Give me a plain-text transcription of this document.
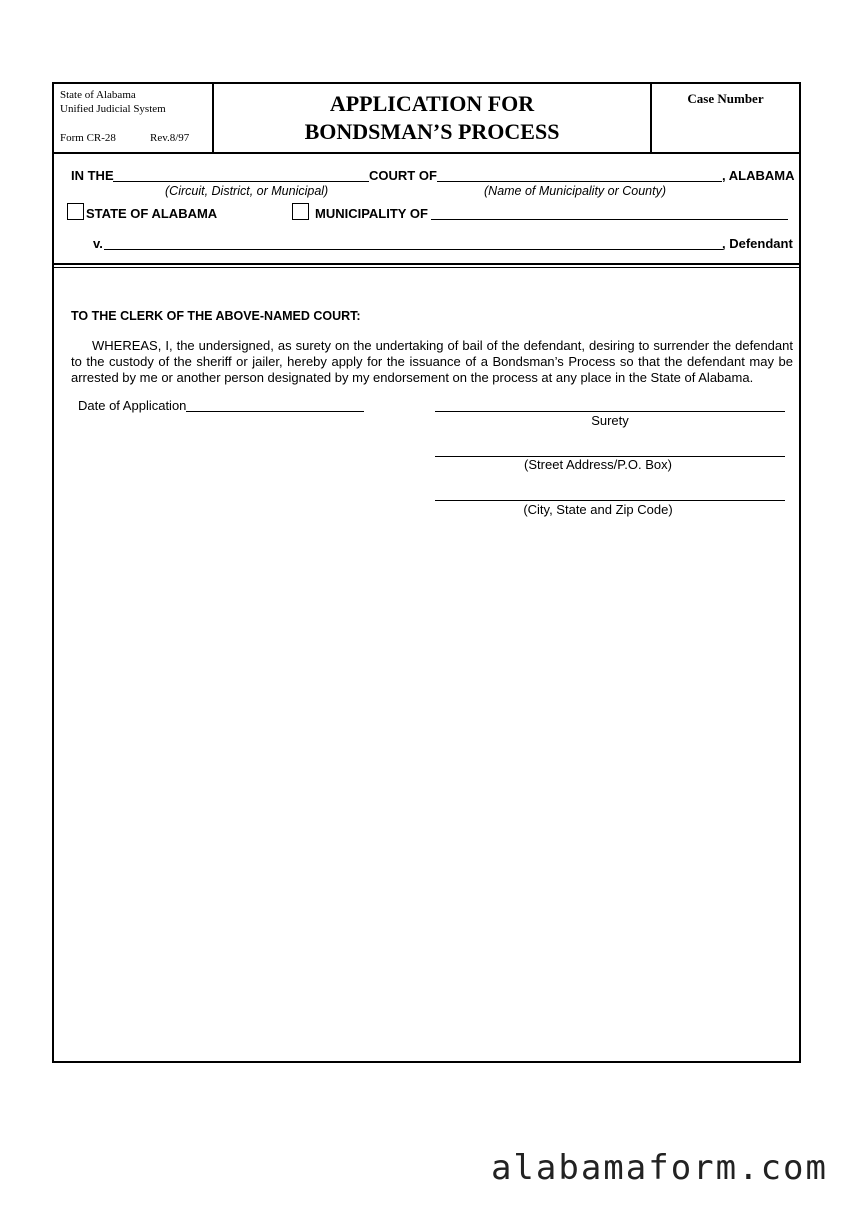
State of Alabama
Unified Judicial System
Form CR-28	Rev.8/97
APPLICATION FOR
BONDSMAN’S PROCESS
Case Number
IN THE	COURT OF	, ALABAMA
(Circuit, District, or Municipal)	(Name of Municipality or County)
STATE OF ALABAMA	MUNICIPALITY OF
v.	, Defendant
TO THE CLERK OF THE ABOVE-NAMED COURT:
WHEREAS, I, the undersigned, as surety on the undertaking of bail of the defendant, desiring to surrender the defendant to the custody of the sheriff or jailer, hereby apply for the issuance of a Bondsman’s Process so that the defendant may be arrested by me or another person designated by my endorsement on the process at any place in the State of Alabama.
Date of Application
Surety
(Street Address/P.O. Box)
(City, State and Zip Code)
alabamaform.com
